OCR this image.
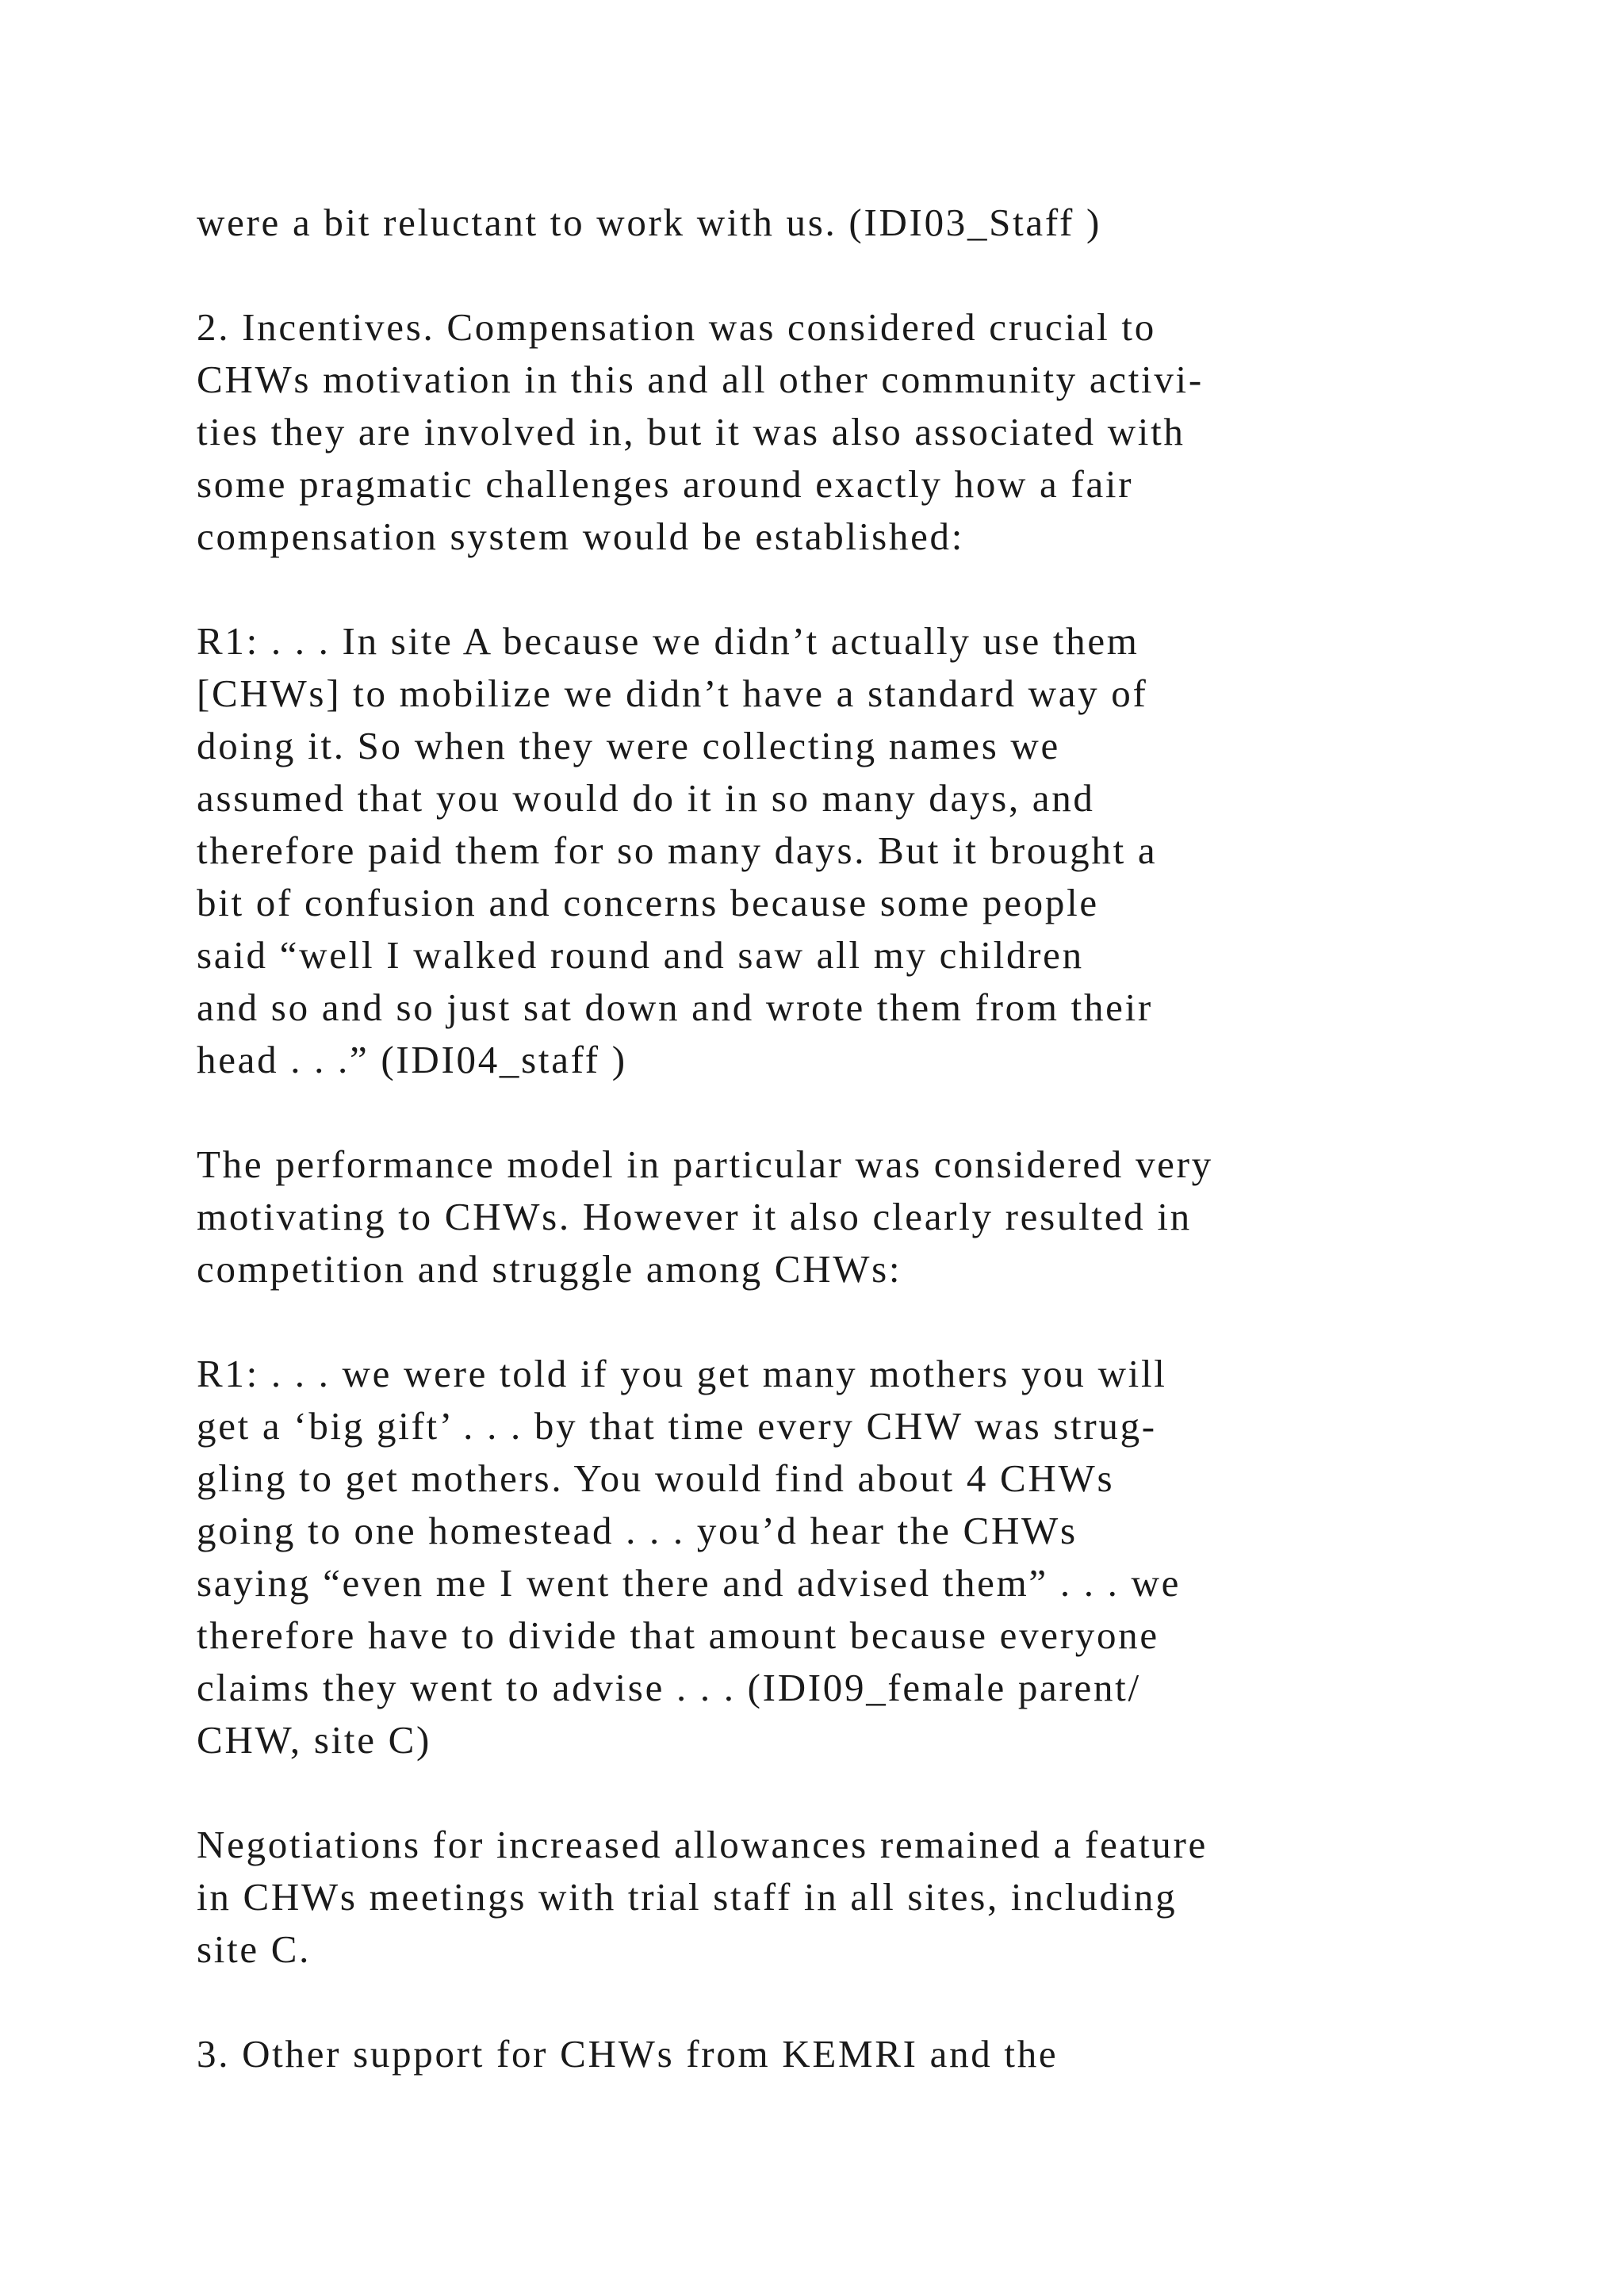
were a bit reluctant to work with us. (IDI03_Staff )
2. Incentives. Compensation was considered crucial to
CHWs motivation in this and all other community activi-
ties they are involved in, but it was also associated with
some pragmatic challenges around exactly how a fair
compensation system would be established:
R1: . . . In site A because we didn’t actually use them
[CHWs] to mobilize we didn’t have a standard way of
doing it. So when they were collecting names we
assumed that you would do it in so many days, and
therefore paid them for so many days. But it brought a
bit of confusion and concerns because some people
said “well I walked round and saw all my children
and so and so just sat down and wrote them from their
head . . .” (IDI04_staff )
The performance model in particular was considered very
motivating to CHWs. However it also clearly resulted in
competition and struggle among CHWs:
R1: . . . we were told if you get many mothers you will
get a ‘big gift’ . . . by that time every CHW was strug-
gling to get mothers. You would find about 4 CHWs
going to one homestead . . . you’d hear the CHWs
saying “even me I went there and advised them” . . . we
therefore have to divide that amount because everyone
claims they went to advise . . . (IDI09_female parent/
CHW, site C)
Negotiations for increased allowances remained a feature
in CHWs meetings with trial staff in all sites, including
site C.
3. Other support for CHWs from KEMRI and the
